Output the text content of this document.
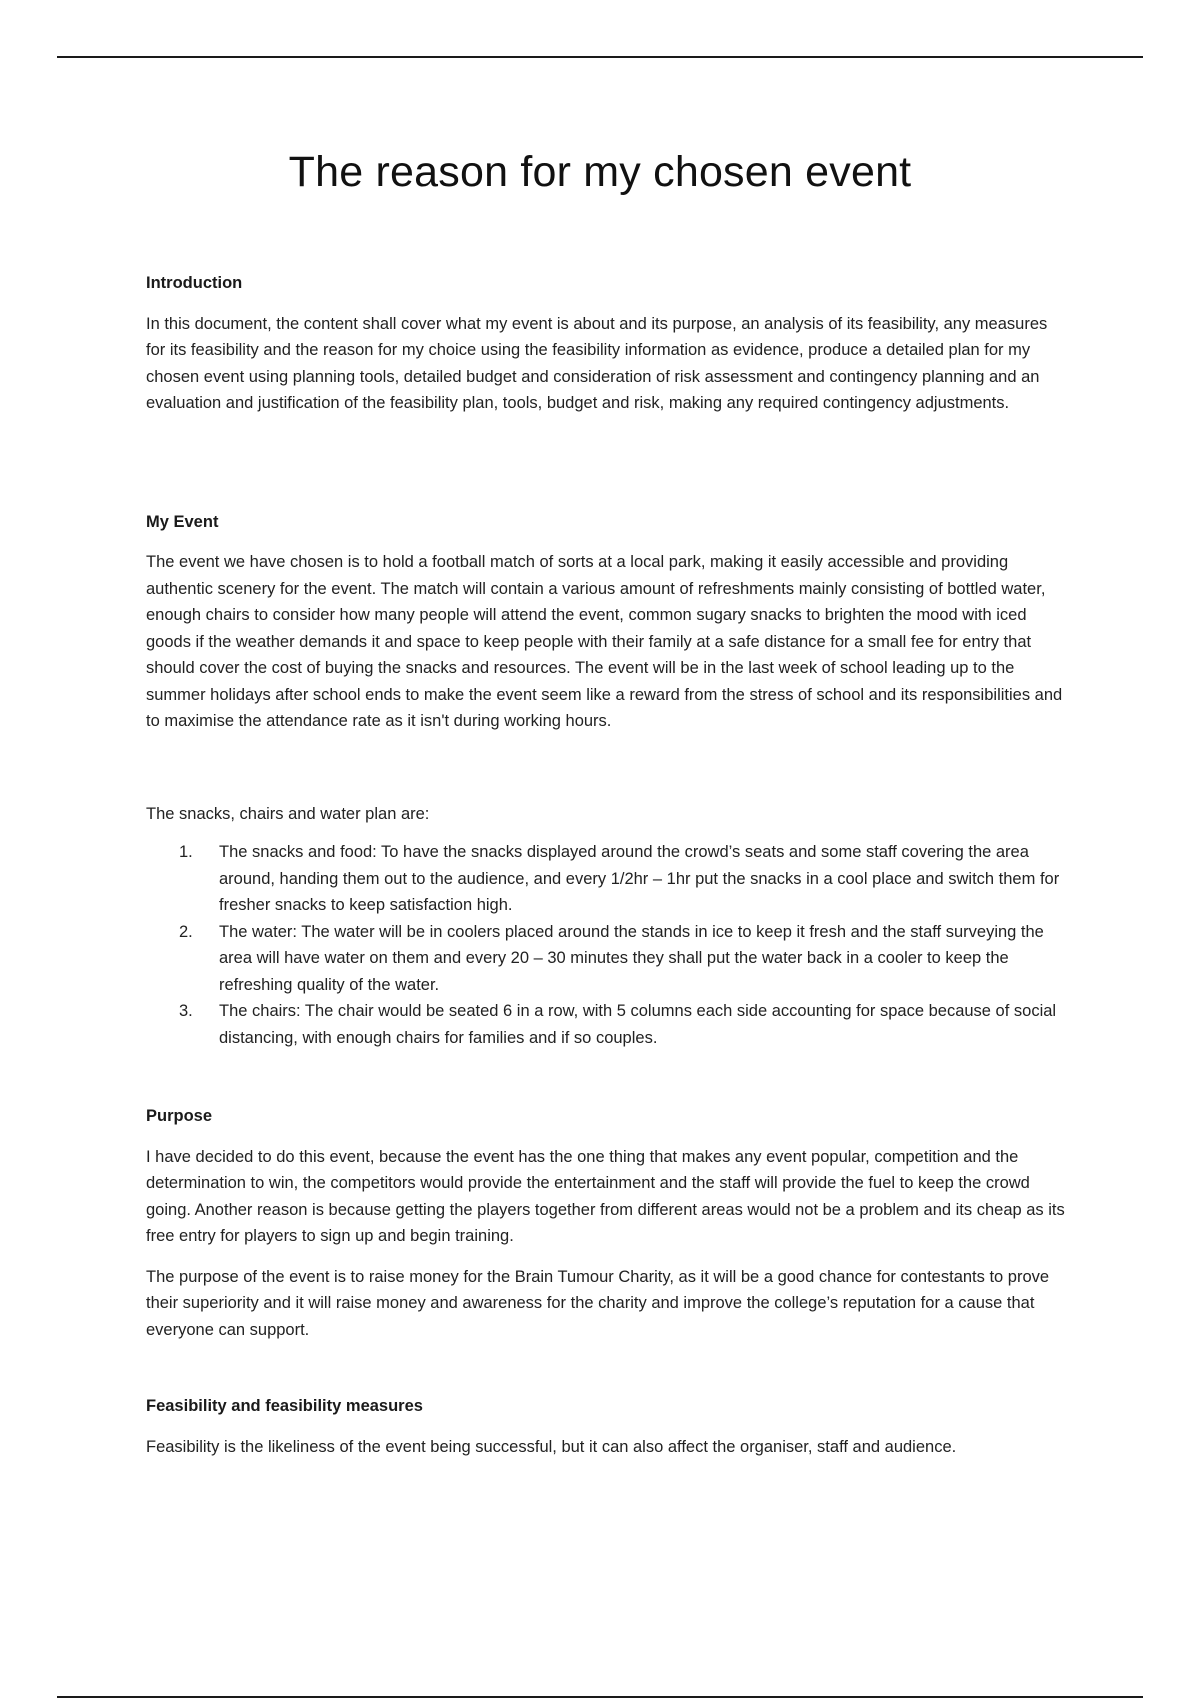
The reason for my chosen event
Introduction

In this document, the content shall cover what my event is about and its purpose, an analysis of its feasibility, any measures for its feasibility and the reason for my choice using the feasibility information as evidence, produce a detailed plan for my chosen event using planning tools, detailed budget and consideration of risk assessment and contingency planning and an evaluation and justification of the feasibility plan, tools, budget and risk, making any required contingency adjustments.

My Event

The event we have chosen is to hold a football match of sorts at a local park, making it easily accessible and providing authentic scenery for the event. The match will contain a various amount of refreshments mainly consisting of bottled water, enough chairs to consider how many people will attend the event, common sugary snacks to brighten the mood with iced goods if the weather demands it and space to keep people with their family at a safe distance for a small fee for entry that should cover the cost of buying the snacks and resources. The event will be in the last week of school leading up to the summer holidays after school ends to make the event seem like a reward from the stress of school and its responsibilities and to maximise the attendance rate as it isn't during working hours.

The snacks, chairs and water plan are:

1.	The snacks and food: To have the snacks displayed around the crowd’s seats and some staff covering the area around, handing them out to the audience, and every 1/2hr – 1hr put the snacks in a cool place and switch them for fresher snacks to keep satisfaction high.
2.	The water: The water will be in coolers placed around the stands in ice to keep it fresh and the staff surveying the area will have water on them and every 20 – 30 minutes they shall put the water back in a cooler to keep the refreshing quality of the water.
3.	The chairs: The chair would be seated 6 in a row, with 5 columns each side accounting for space because of social distancing, with enough chairs for families and if so couples.
Purpose

I have decided to do this event, because the event has the one thing that makes any event popular, competition and the determination to win, the competitors would provide the entertainment and the staff will provide the fuel to keep the crowd going. Another reason is because getting the players together from different areas would not be a problem and its cheap as its free entry for players to sign up and begin training.

The purpose of the event is to raise money for the Brain Tumour Charity, as it will be a good chance for contestants to prove their superiority and it will raise money and awareness for the charity and improve the college’s reputation for a cause that everyone can support.

Feasibility and feasibility measures

Feasibility is the likeliness of the event being successful, but it can also affect the organiser, staff and audience.
